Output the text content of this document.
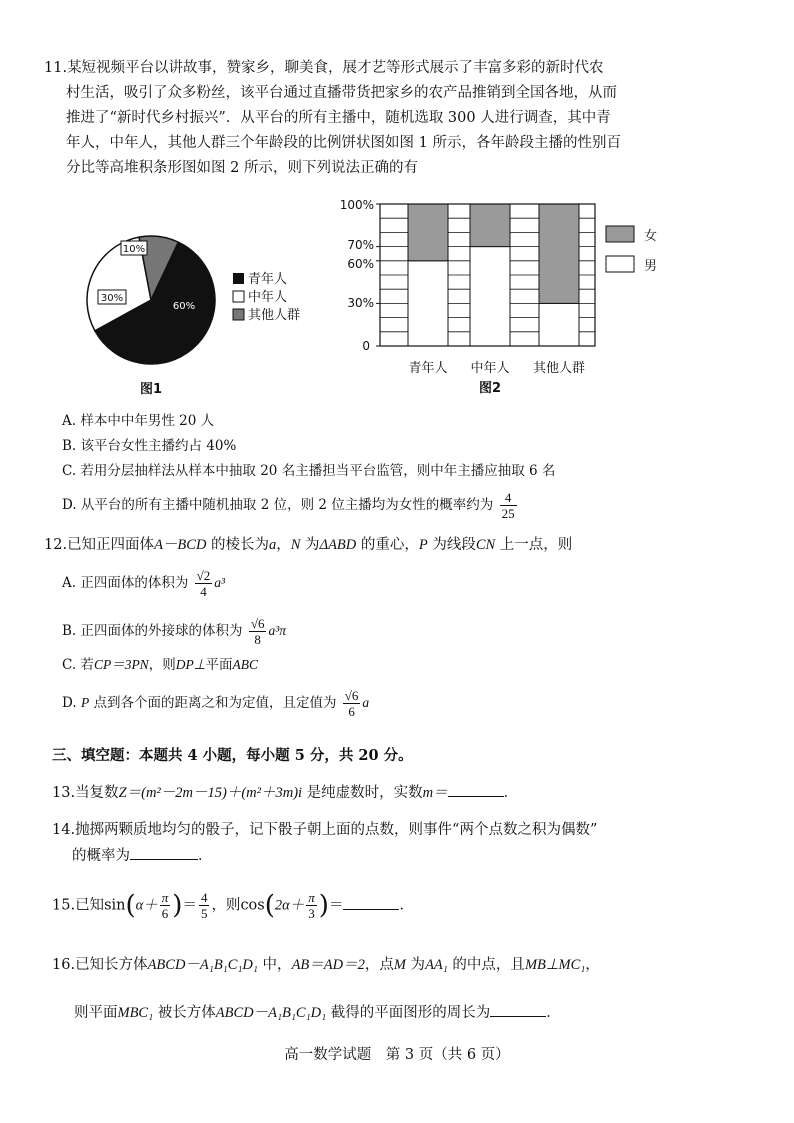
11.某短视频平台以讲故事，赞家乡，聊美食，展才艺等形式展示了丰富多彩的新时代农
村生活，吸引了众多粉丝，该平台通过直播带货把家乡的农产品推销到全国各地，从而
推进了“新时代乡村振兴”．从平台的所有主播中，随机选取 300 人进行调查，其中青
年人，中年人，其他人群三个年龄段的比例饼状图如图 1 所示，各年龄段主播的性别百
分比等高堆积条形图如图 2 所示，则下列说法正确的有
60%
30%
10%
青年人
中年人
其他人群
图1
100%
70%
60%
30%
0
青年人 中年人 其他人群
图2
女
男
A. 样本中中年男性 20 人
B. 该平台女性主播约占 40%
C. 若用分层抽样法从样本中抽取 20 名主播担当平台监管，则中年主播应抽取 6 名
D. 从平台的所有主播中随机抽取 2 位，则 2 位主播均为女性的概率约为 $\frac{4}{25}$
12.已知正四面体A－BCD 的棱长为a，N 为ΔABD 的重心，P 为线段CN 上一点，则
A. 正四面体的体积为 $\frac{√2}{4} a^3$
B. 正四面体的外接球的体积为 $\frac{√6}{8} a^3\pi$
C. 若CP＝3PN，则DP⊥平面ABC
D. P 点到各个面的距离之和为定值，且定值为 $\frac{√6}{6}$ a
三、填空题：本题共 4 小题，每小题 5 分，共 20 分。
13.当复数Z＝(m²－2m－15)＋(m²＋3m)i 是纯虚数时，实数m＝	．
14.抛掷两颗质地均匀的骰子，记下骰子朝上面的点数，则事件“两个点数之积为偶数”
的概率为	．
15.已知$\sin(\alpha+ \frac{\pi}{6}$ )＝ $\frac{4}{5}$ ，则$\cos(2\alpha+ \frac{\pi}{3}$ )＝	．
16.已知长方体ABCD－A₁B₁C₁D₁ 中，AB＝AD＝2，点M 为AA₁ 的中点，且MB⊥MC₁，
则平面MBC₁ 被长方体ABCD－A₁B₁C₁D₁ 截得的平面图形的周长为	．
高一数学试题　第 3 页（共 6 页）
